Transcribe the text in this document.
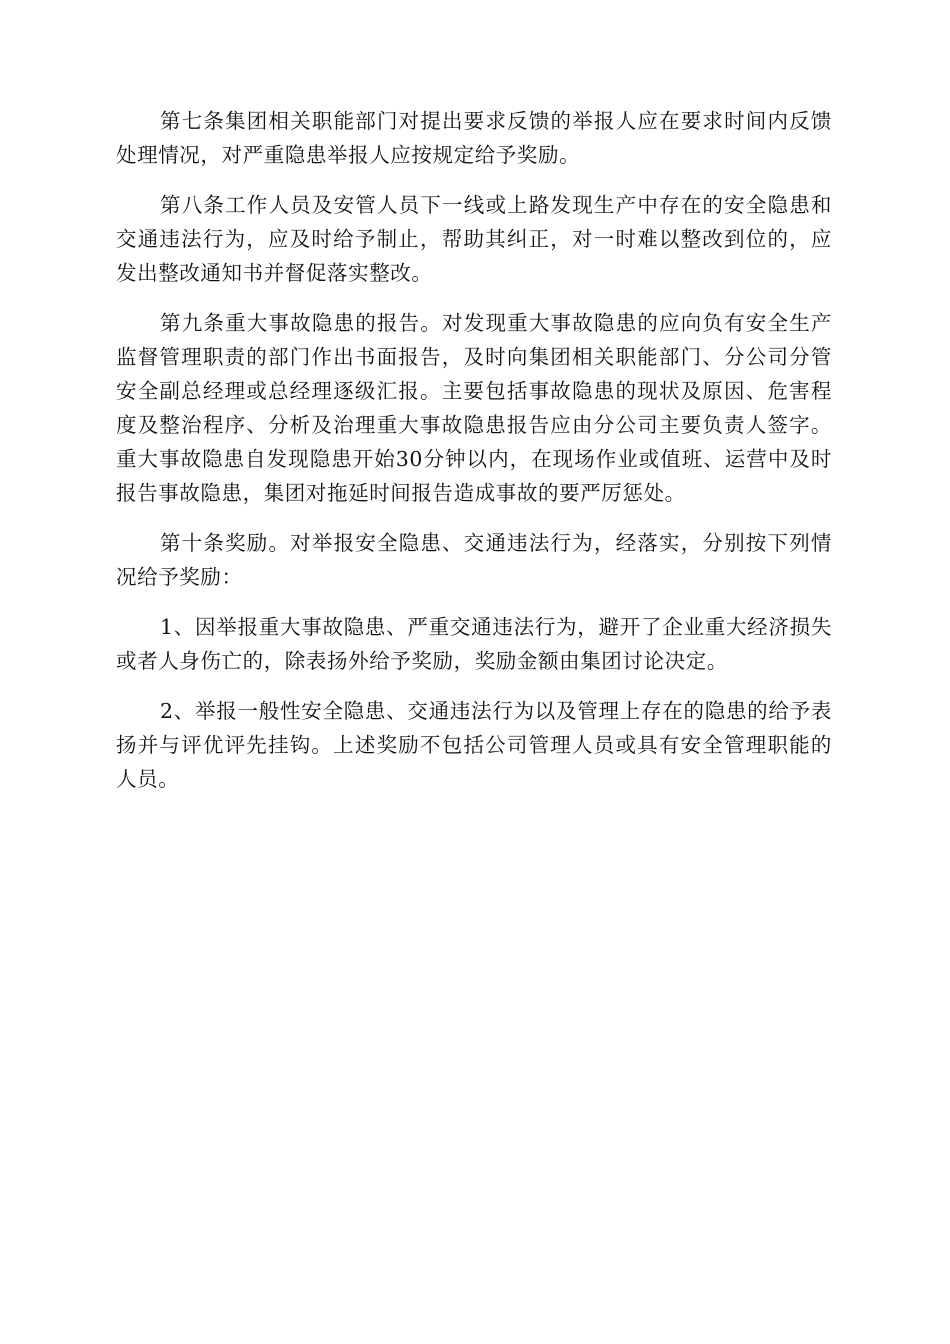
第七条集团相关职能部门对提出要求反馈的举报人应在要求时间内反馈处理情况，对严重隐患举报人应按规定给予奖励。

第八条工作人员及安管人员下一线或上路发现生产中存在的安全隐患和交通违法行为，应及时给予制止，帮助其纠正，对一时难以整改到位的，应发出整改通知书并督促落实整改。

第九条重大事故隐患的报告。对发现重大事故隐患的应向负有安全生产监督管理职责的部门作出书面报告，及时向集团相关职能部门、分公司分管安全副总经理或总经理逐级汇报。主要包括事故隐患的现状及原因、危害程度及整治程序、分析及治理重大事故隐患报告应由分公司主要负责人签字。重大事故隐患自发现隐患开始30分钟以内，在现场作业或值班、运营中及时报告事故隐患，集团对拖延时间报告造成事故的要严厉惩处。

第十条奖励。对举报安全隐患、交通违法行为，经落实，分别按下列情况给予奖励：

1、因举报重大事故隐患、严重交通违法行为，避开了企业重大经济损失或者人身伤亡的，除表扬外给予奖励，奖励金额由集团讨论决定。

2、举报一般性安全隐患、交通违法行为以及管理上存在的隐患的给予表扬并与评优评先挂钩。上述奖励不包括公司管理人员或具有安全管理职能的人员。
